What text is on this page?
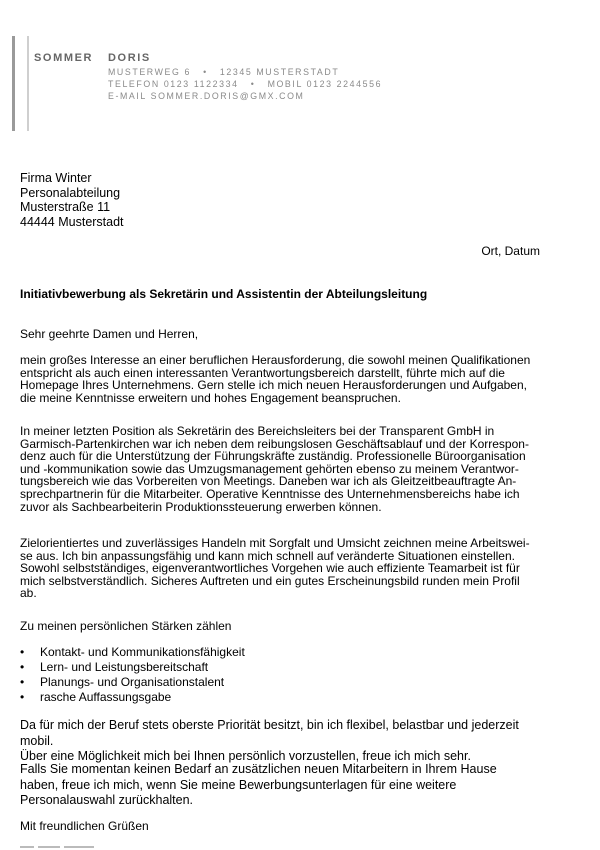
SOMMER DORIS
MUSTERWEG 6   •   12345 MUSTERSTADT
TELEFON 0123 1122334   •   MOBIL 0123 2244556
E-MAIL SOMMER.DORIS@GMX.COM
Firma Winter
Personalabteilung
Musterstraße 11
44444 Musterstadt
Ort, Datum
Initiativbewerbung als Sekretärin und Assistentin der Abteilungsleitung
Sehr geehrte Damen und Herren,
mein großes Interesse an einer beruflichen Herausforderung, die sowohl meinen Qualifikationen
entspricht als auch einen interessanten Verantwortungsbereich darstellt, führte mich auf die
Homepage Ihres Unternehmens. Gern stelle ich mich neuen Herausforderungen und Aufgaben,
die meine Kenntnisse erweitern und hohes Engagement beanspruchen.
In meiner letzten Position als Sekretärin des Bereichsleiters bei der Transparent GmbH in
Garmisch-Partenkirchen war ich neben dem reibungslosen Geschäftsablauf und der Korrespon-
denz auch für die Unterstützung der Führungskräfte zuständig. Professionelle Büroorganisation
und -kommunikation sowie das Umzugsmanagement gehörten ebenso zu meinem Verantwor-
tungsbereich wie das Vorbereiten von Meetings. Daneben war ich als Gleitzeitbeauftragte An-
sprechpartnerin für die Mitarbeiter. Operative Kenntnisse des Unternehmensbereichs habe ich
zuvor als Sachbearbeiterin Produktionssteuerung erwerben können.
Zielorientiertes und zuverlässiges Handeln mit Sorgfalt und Umsicht zeichnen meine Arbeitswei-
se aus. Ich bin anpassungsfähig und kann mich schnell auf veränderte Situationen einstellen.
Sowohl selbstständiges, eigenverantwortliches Vorgehen wie auch effiziente Teamarbeit ist für
mich selbstverständlich. Sicheres Auftreten und ein gutes Erscheinungsbild runden mein Profil
ab.
Zu meinen persönlichen Stärken zählen
• Kontakt- und Kommunikationsfähigkeit
• Lern- und Leistungsbereitschaft
• Planungs- und Organisationstalent
• rasche Auffassungsgabe
Da für mich der Beruf stets oberste Priorität besitzt, bin ich flexibel, belastbar und jederzeit mobil.
Über eine Möglichkeit mich bei Ihnen persönlich vorzustellen, freue ich mich sehr.
Falls Sie momentan keinen Bedarf an zusätzlichen neuen Mitarbeitern in Ihrem Hause
haben, freue ich mich, wenn Sie meine Bewerbungsunterlagen für eine weitere
Personalauswahl zurückhalten.
Mit freundlichen Grüßen
